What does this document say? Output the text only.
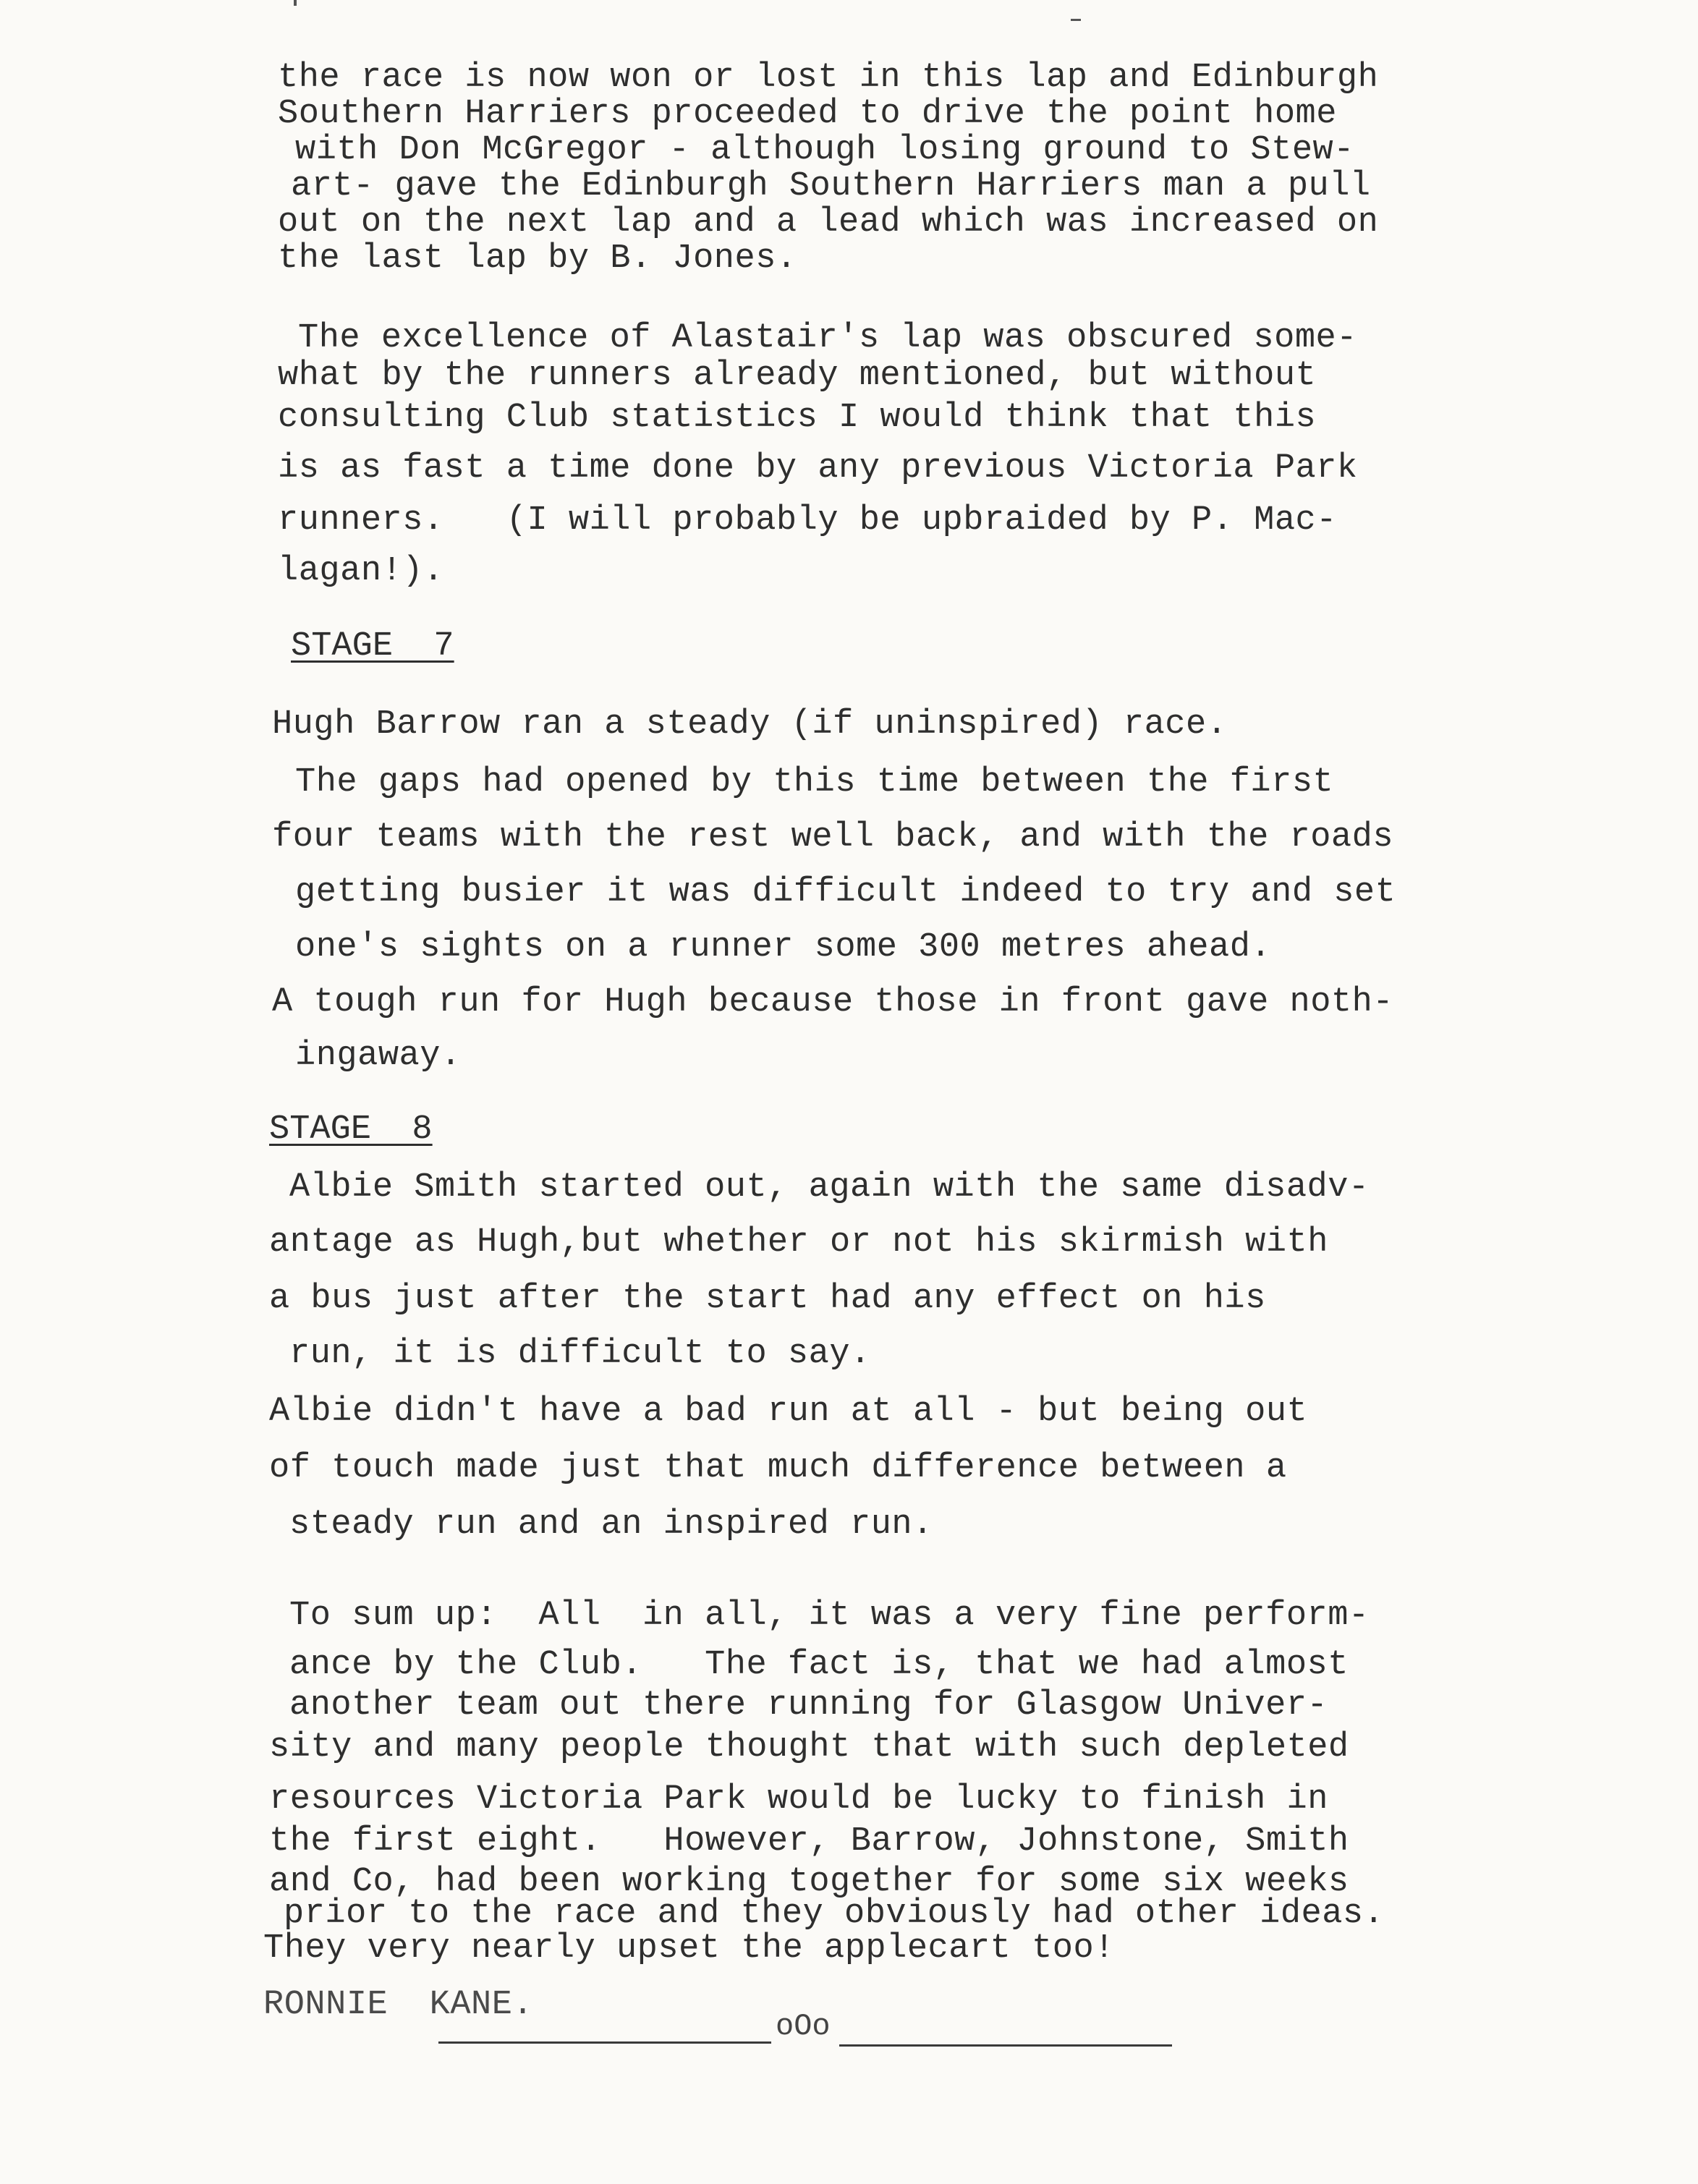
the race is now won or lost in this lap and Edinburgh
Southern Harriers proceeded to drive the point home
with Don McGregor - although losing ground to Stew-
art- gave the Edinburgh Southern Harriers man a pull
out on the next lap and a lead which was increased on
the last lap by B. Jones.
The excellence of Alastair's lap was obscured some-
what by the runners already mentioned, but without
consulting Club statistics I would think that this
is as fast a time done by any previous Victoria Park
runners.   (I will probably be upbraided by P. Mac-
lagan!).
STAGE  7
Hugh Barrow ran a steady (if uninspired) race.
The gaps had opened by this time between the first
four teams with the rest well back, and with the roads
getting busier it was difficult indeed to try and set
one's sights on a runner some 300 metres ahead.
A tough run for Hugh because those in front gave noth-
ingaway.
STAGE  8
Albie Smith started out, again with the same disadv-
antage as Hugh,but whether or not his skirmish with
a bus just after the start had any effect on his
run, it is difficult to say.
Albie didn't have a bad run at all - but being out
of touch made just that much difference between a
steady run and an inspired run.
To sum up:  All  in all, it was a very fine perform-
ance by the Club.   The fact is, that we had almost
another team out there running for Glasgow Univer-
sity and many people thought that with such depleted
resources Victoria Park would be lucky to finish in
the first eight.   However, Barrow, Johnstone, Smith
and Co, had been working together for some six weeks
prior to the race and they obviously had other ideas.
They very nearly upset the applecart too!
RONNIE  KANE.
oOo
